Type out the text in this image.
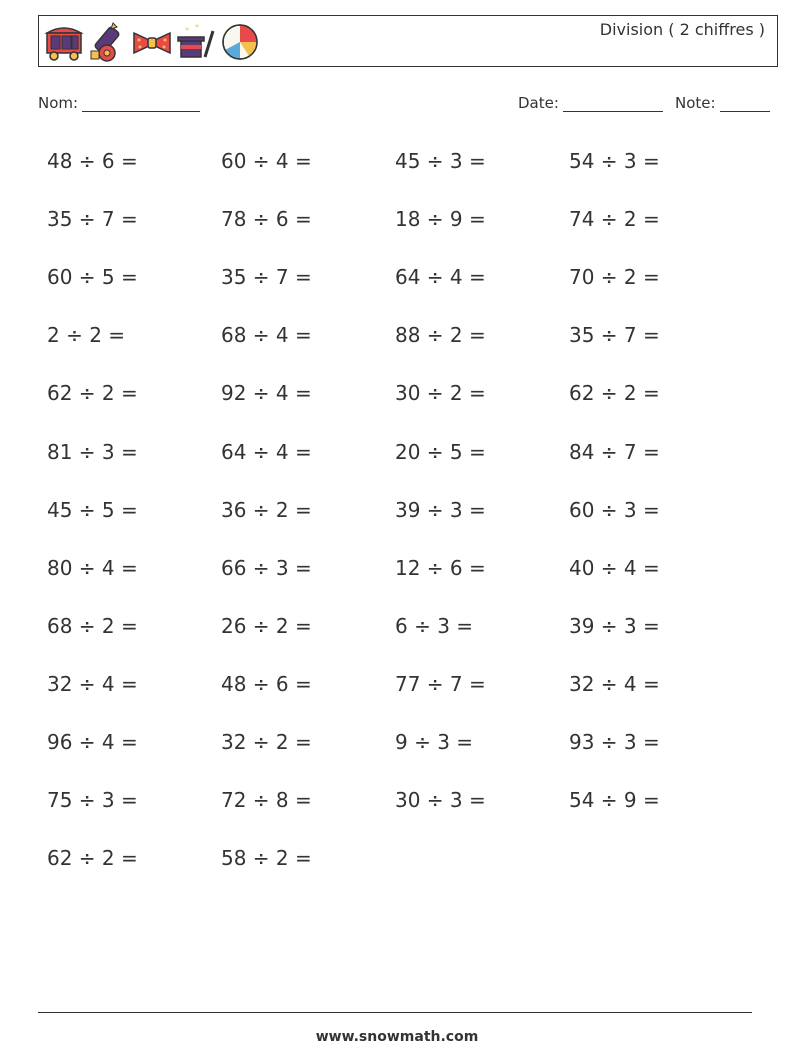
* *	Division ( 2 chiffres )
Nom:	Date:	Note:
48 ÷ 6 =	60 ÷ 4 =	45 ÷ 3 =	54 ÷ 3 =
35 ÷ 7 =	78 ÷ 6 =	18 ÷ 9 =	74 ÷ 2 =
60 ÷ 5 =	35 ÷ 7 =	64 ÷ 4 =	70 ÷ 2 =
2 ÷ 2 =	68 ÷ 4 =	88 ÷ 2 =	35 ÷ 7 =
62 ÷ 2 =	92 ÷ 4 =	30 ÷ 2 =	62 ÷ 2 =
81 ÷ 3 =	64 ÷ 4 =	20 ÷ 5 =	84 ÷ 7 =
45 ÷ 5 =	36 ÷ 2 =	39 ÷ 3 =	60 ÷ 3 =
80 ÷ 4 =	66 ÷ 3 =	12 ÷ 6 =	40 ÷ 4 =
68 ÷ 2 =	26 ÷ 2 =	6 ÷ 3 =	39 ÷ 3 =
32 ÷ 4 =	48 ÷ 6 =	77 ÷ 7 =	32 ÷ 4 =
96 ÷ 4 =	32 ÷ 2 =	9 ÷ 3 =	93 ÷ 3 =
75 ÷ 3 =	72 ÷ 8 =	30 ÷ 3 =	54 ÷ 9 =
62 ÷ 2 =	58 ÷ 2 =
www.snowmath.com
